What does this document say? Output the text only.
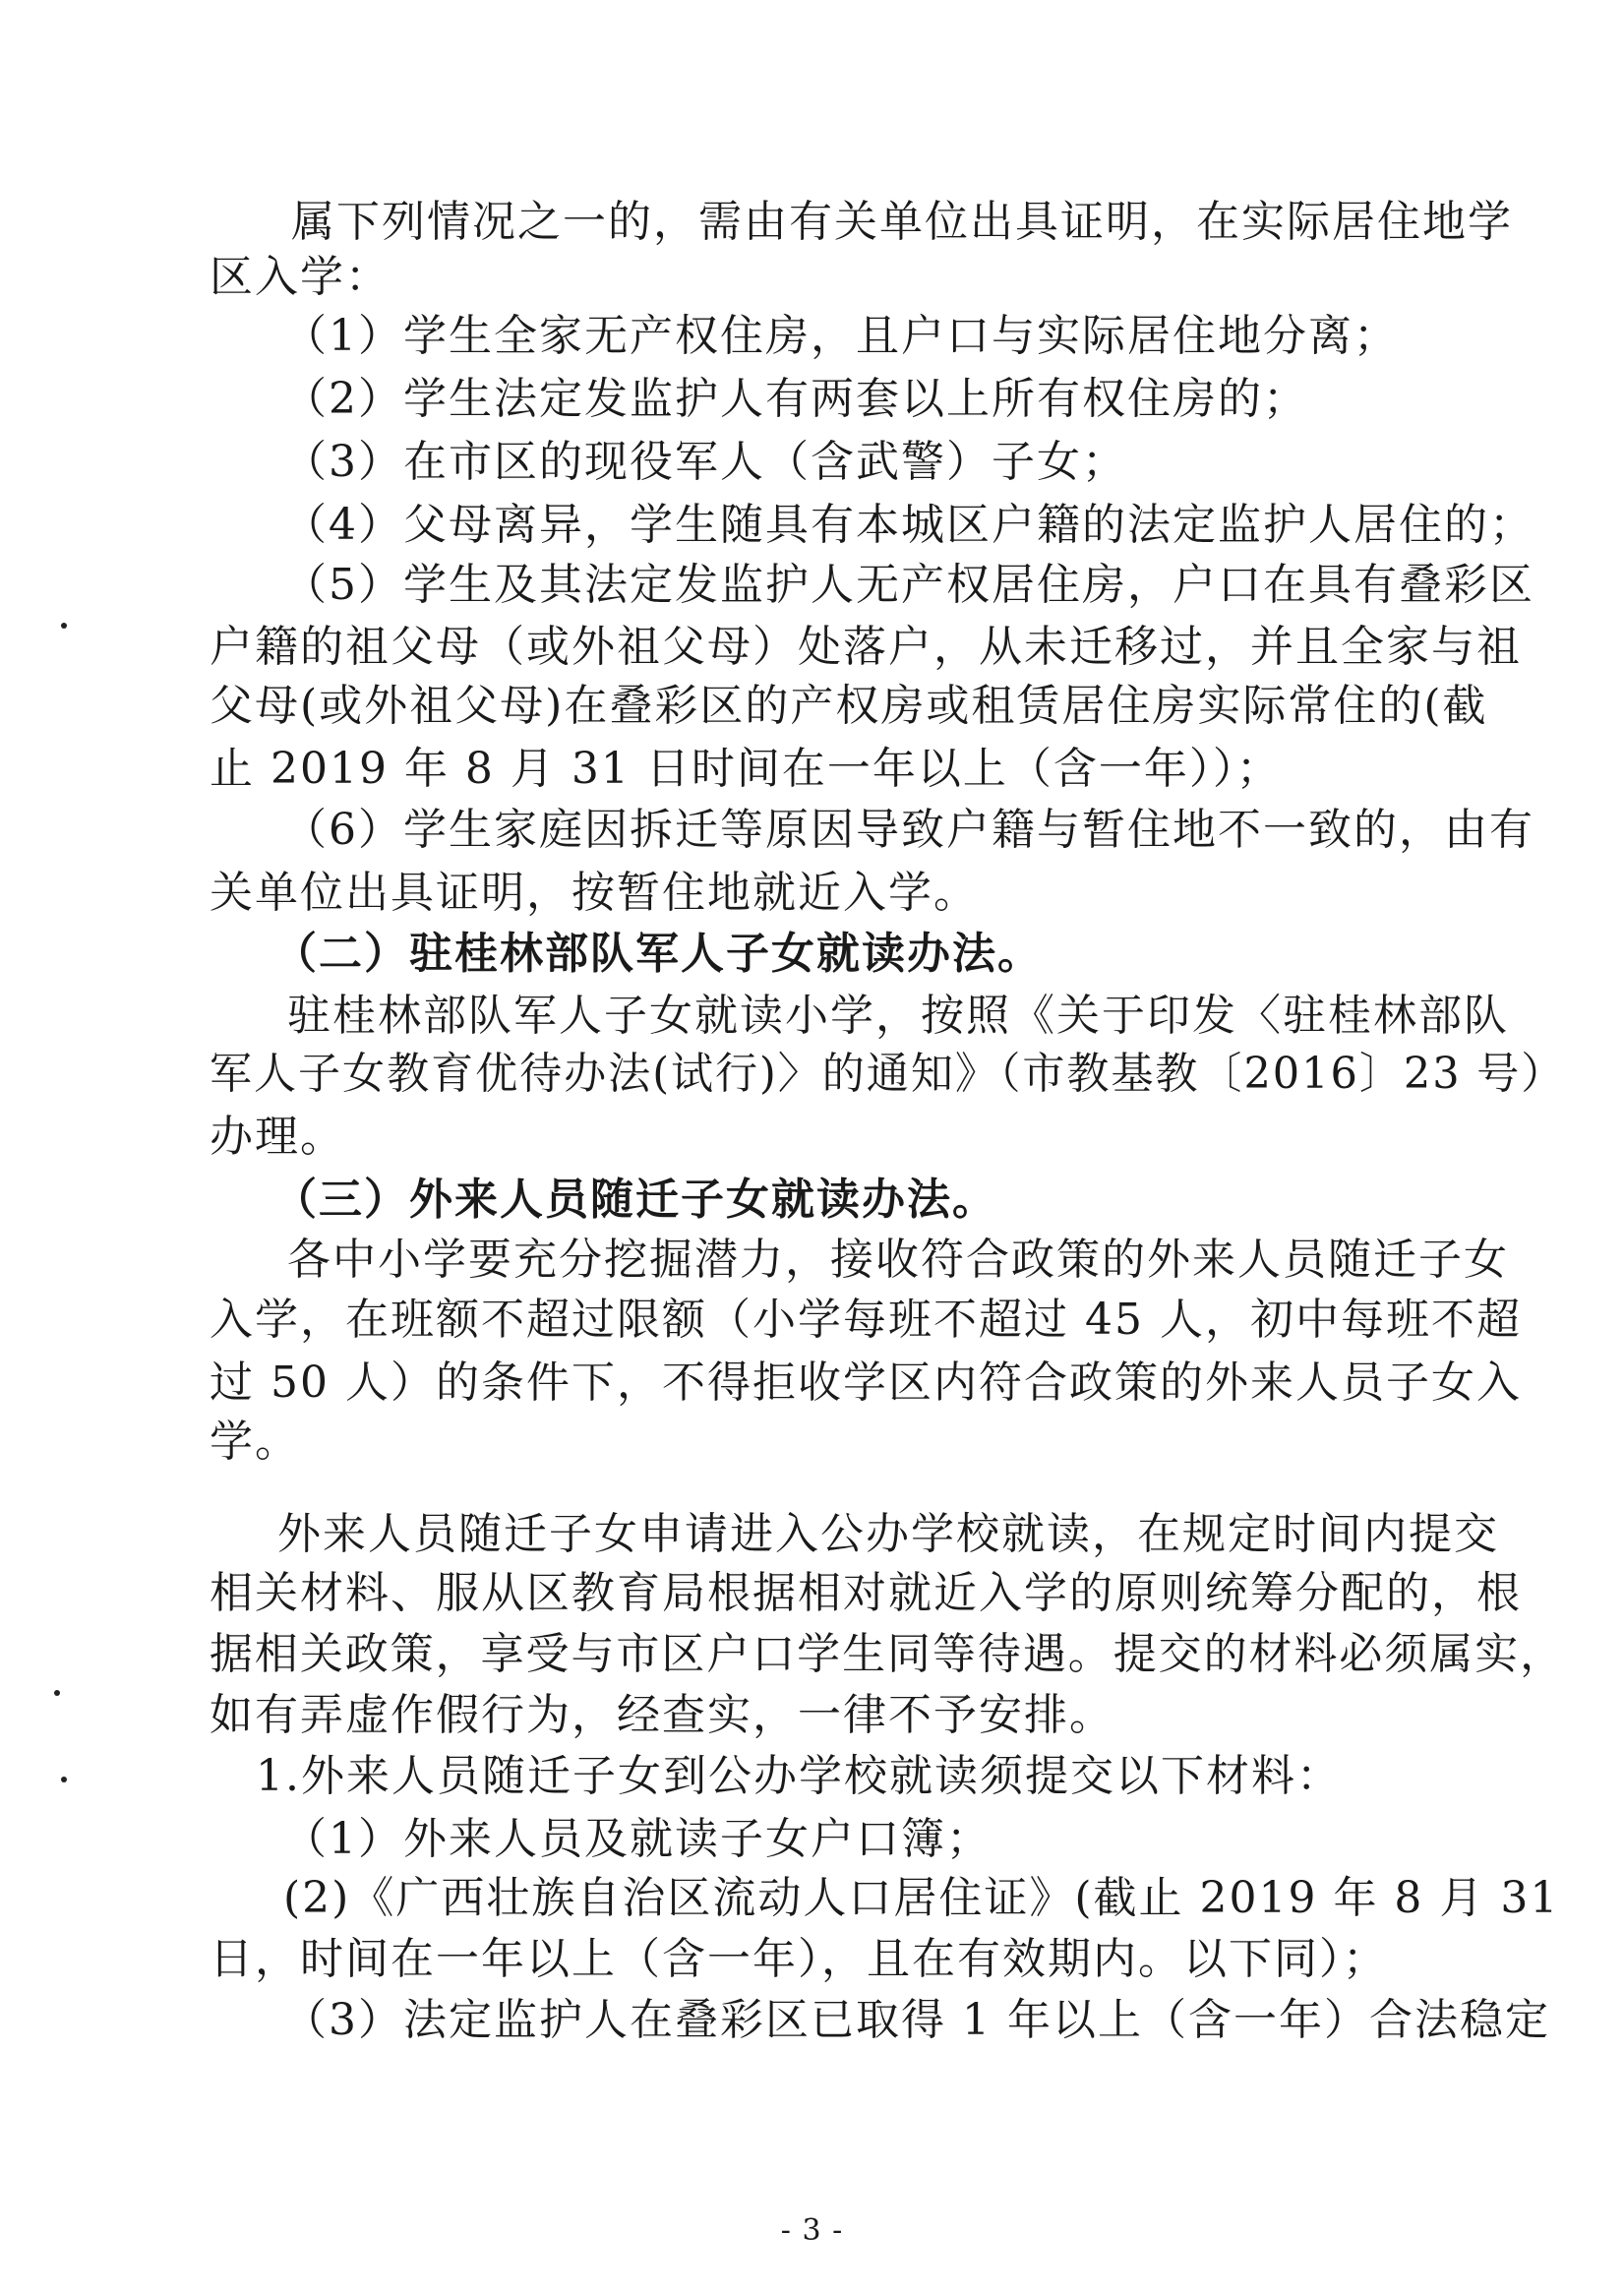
属下列情况之一的，需由有关单位出具证明，在实际居住地学
区入学：
（1）学生全家无产权住房，且户口与实际居住地分离；
（2）学生法定发监护人有两套以上所有权住房的；
（3）在市区的现役军人（含武警）子女；
（4）父母离异，学生随具有本城区户籍的法定监护人居住的；
（5）学生及其法定发监护人无产权居住房，户口在具有叠彩区
户籍的祖父母（或外祖父母）处落户，从未迁移过，并且全家与祖
父母(或外祖父母)在叠彩区的产权房或租赁居住房实际常住的(截
止 2019 年 8 月 31 日时间在一年以上（含一年））；
（6）学生家庭因拆迁等原因导致户籍与暂住地不一致的，由有
关单位出具证明，按暂住地就近入学。
（二）驻桂林部队军人子女就读办法。
驻桂林部队军人子女就读小学，按照《关于印发〈驻桂林部队
军人子女教育优待办法(试行)〉的通知》（市教基教〔2016〕23 号）
办理。
（三）外来人员随迁子女就读办法。
各中小学要充分挖掘潜力，接收符合政策的外来人员随迁子女
入学，在班额不超过限额（小学每班不超过 45 人，初中每班不超
过 50 人）的条件下，不得拒收学区内符合政策的外来人员子女入
学。
外来人员随迁子女申请进入公办学校就读，在规定时间内提交
相关材料、服从区教育局根据相对就近入学的原则统筹分配的，根
据相关政策，享受与市区户口学生同等待遇。提交的材料必须属实，
如有弄虚作假行为，经查实，一律不予安排。
1.外来人员随迁子女到公办学校就读须提交以下材料：
（1）外来人员及就读子女户口簿；
(2)《广西壮族自治区流动人口居住证》(截止 2019 年 8 月 31
日，时间在一年以上（含一年），且在有效期内。以下同）；
（3）法定监护人在叠彩区已取得 1 年以上（含一年）合法稳定
- 3 -
